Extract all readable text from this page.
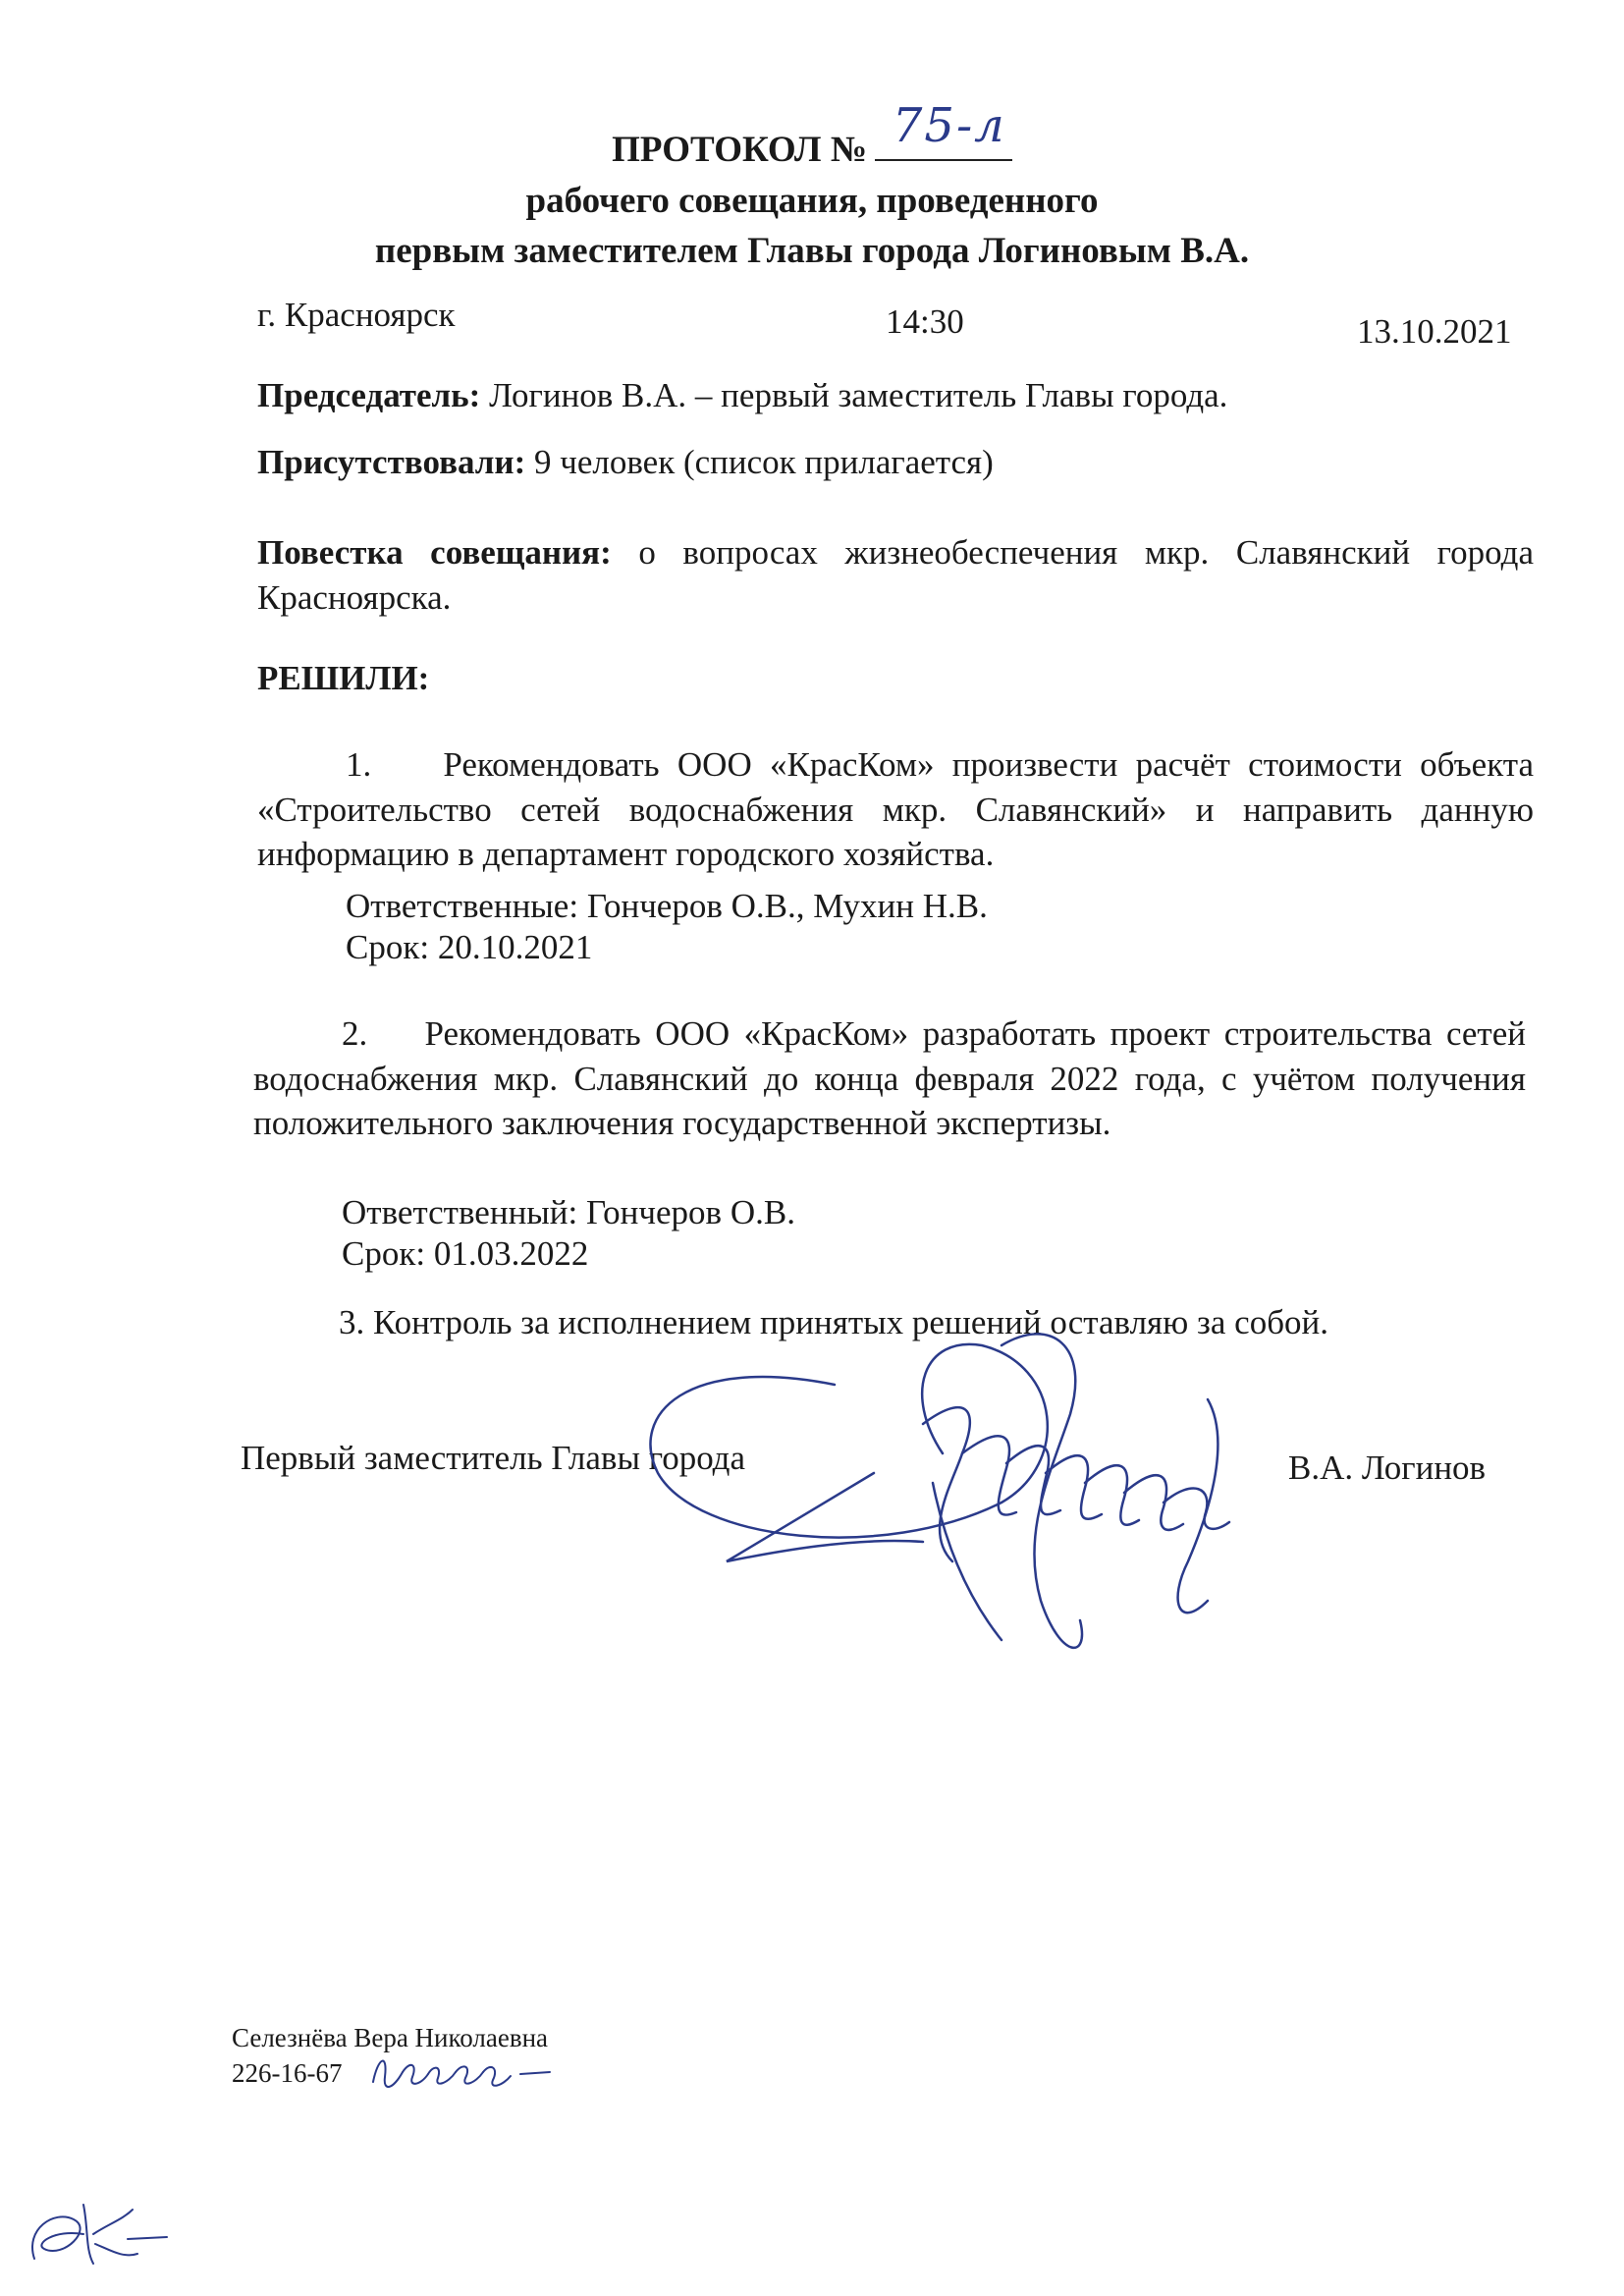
ПРОТОКОЛ № 75-л
рабочего совещания, проведенного
первым заместителем Главы города Логиновым В.А.
г. Красноярск	14:30	13.10.2021
Председатель: Логинов В.А. – первый заместитель Главы города.
Присутствовали: 9 человек (список прилагается)
Повестка совещания: о вопросах жизнеобеспечения мкр. Славянский города Красноярска.
РЕШИЛИ:
1. Рекомендовать ООО «КрасКом» произвести расчёт стоимости объекта «Строительство сетей водоснабжения мкр. Славянский» и направить данную информацию в департамент городского хозяйства.
Ответственные: Гончеров О.В., Мухин Н.В.
Срок: 20.10.2021
2. Рекомендовать ООО «КрасКом» разработать проект строительства сетей водоснабжения мкр. Славянский до конца февраля 2022 года, с учётом получения положительного заключения государственной экспертизы.
Ответственный: Гончеров О.В.
Срок: 01.03.2022
3. Контроль за исполнением принятых решений оставляю за собой.
Первый заместитель Главы города	В.А. Логинов
Селезнёва Вера Николаевна
226-16-67
